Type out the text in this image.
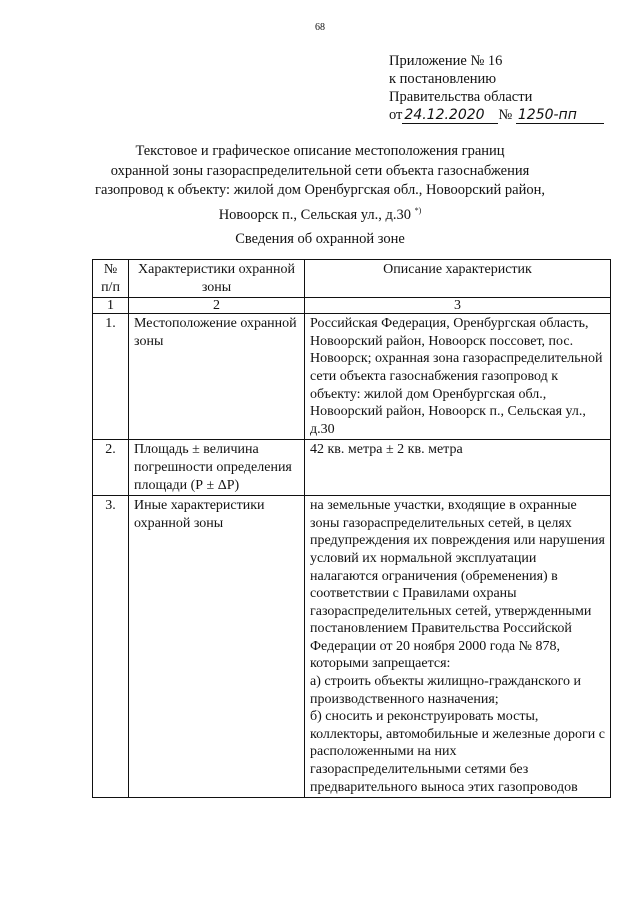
68
Приложение № 16
к постановлению
Правительства области
от 24.12.2020 № 1250-пп
Текстовое и графическое описание местоположения границ
охранной зоны газораспределительной сети объекта газоснабжения
газопровод к объекту: жилой дом Оренбургская обл., Новоорский район,
Новоорск п., Сельская ул., д.30 *)
Сведения об охранной зоне
№ п/п	Характеристики охранной зоны	Описание характеристик
1	2	3
1.	Местоположение охранной зоны	Российская Федерация, Оренбургская область, Новоорский район, Новоорск поссовет, пос. Новоорск; охранная зона газораспределительной сети объекта газоснабжения газопровод к объекту: жилой дом Оренбургская обл., Новоорский район, Новоорск п., Сельская ул., д.30
2.	Площадь ± величина погрешности определения площади (Р ± ΔР)	42 кв. метра ± 2 кв. метра
3.	Иные характеристики охранной зоны	на земельные участки, входящие в охранные зоны газораспределительных сетей, в целях предупреждения их повреждения или нарушения условий их нормальной эксплуатации налагаются ограничения (обременения) в соответствии с Правилами охраны газораспределительных сетей, утвержденными постановлением Правительства Российской Федерации от 20 ноября 2000 года № 878, которыми запрещается:
а) строить объекты жилищно-гражданского и производственного назначения;
б) сносить и реконструировать мосты, коллекторы, автомобильные и железные дороги с расположенными на них газораспределительными сетями без предварительного выноса этих газопроводов
